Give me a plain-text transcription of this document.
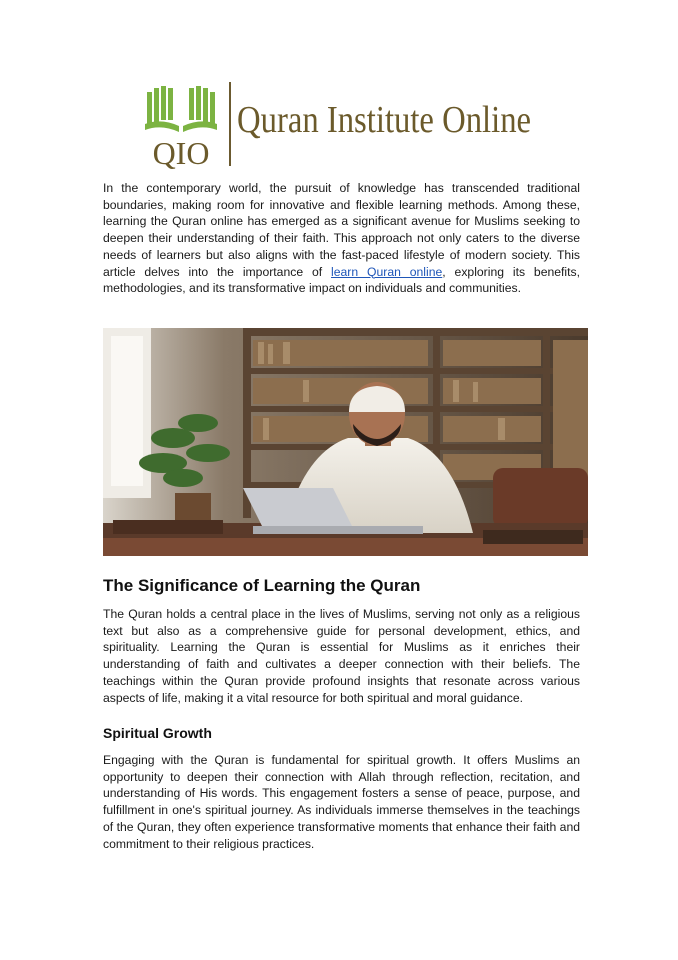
QIO
Quran Institute Online

In the contemporary world, the pursuit of knowledge has transcended traditional boundaries, making room for innovative and flexible learning methods. Among these, learning the Quran online has emerged as a significant avenue for Muslims seeking to deepen their understanding of their faith. This approach not only caters to the diverse needs of learners but also aligns with the fast-paced lifestyle of modern society. This article delves into the importance of learn Quran online, exploring its benefits, methodologies, and its transformative impact on individuals and communities.

The Significance of Learning the Quran

The Quran holds a central place in the lives of Muslims, serving not only as a religious text but also as a comprehensive guide for personal development, ethics, and spirituality. Learning the Quran is essential for Muslims as it enriches their understanding of faith and cultivates a deeper connection with their beliefs. The teachings within the Quran provide profound insights that resonate across various aspects of life, making it a vital resource for both spiritual and moral guidance.

Spiritual Growth

Engaging with the Quran is fundamental for spiritual growth. It offers Muslims an opportunity to deepen their connection with Allah through reflection, recitation, and understanding of His words. This engagement fosters a sense of peace, purpose, and fulfillment in one's spiritual journey. As individuals immerse themselves in the teachings of the Quran, they often experience transformative moments that enhance their faith and commitment to their religious practices.
